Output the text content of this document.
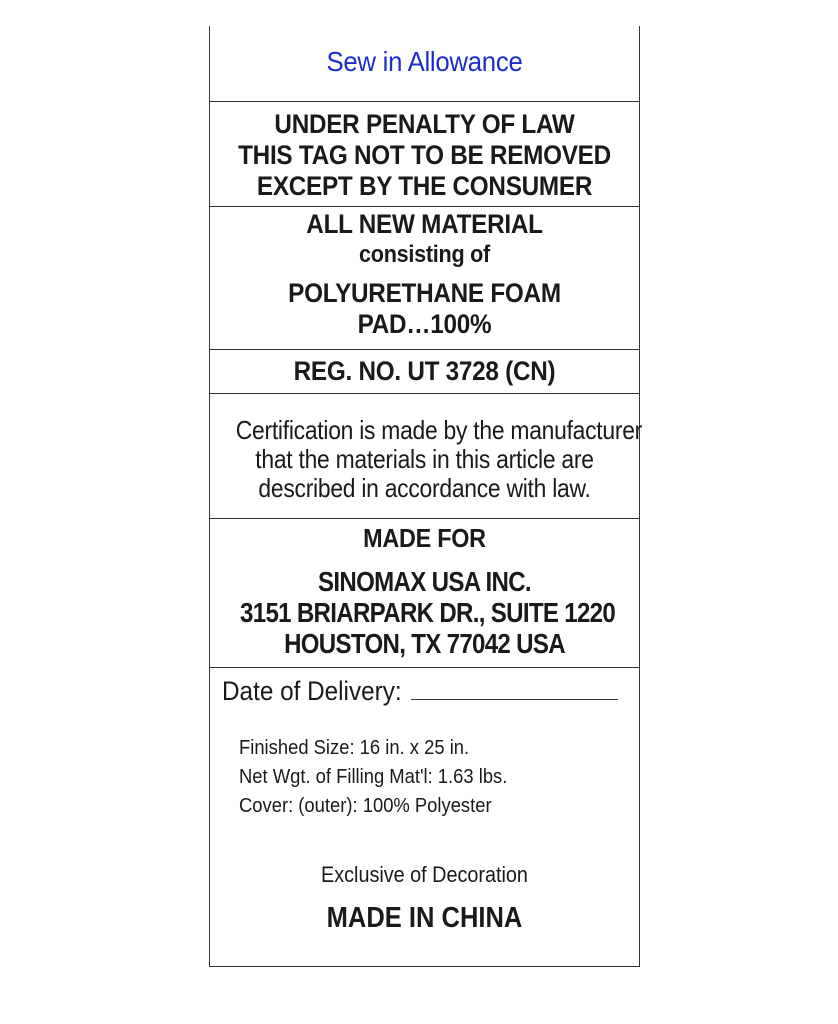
Sew in Allowance
UNDER PENALTY OF LAW
THIS TAG NOT TO BE REMOVED
EXCEPT BY THE CONSUMER
ALL NEW MATERIAL
consisting of
POLYURETHANE FOAM
PAD…100%
REG. NO. UT 3728 (CN)
Certification is made by the manufacturer
that the materials in this article are
described in accordance with law.
MADE FOR
SINOMAX USA INC.
3151 BRIARPARK DR., SUITE 1220
HOUSTON, TX 77042 USA
Date of Delivery:
Finished Size: 16 in. x 25 in.
Net Wgt. of Filling Mat'l: 1.63 lbs.
Cover: (outer): 100% Polyester
Exclusive of Decoration
MADE IN CHINA
